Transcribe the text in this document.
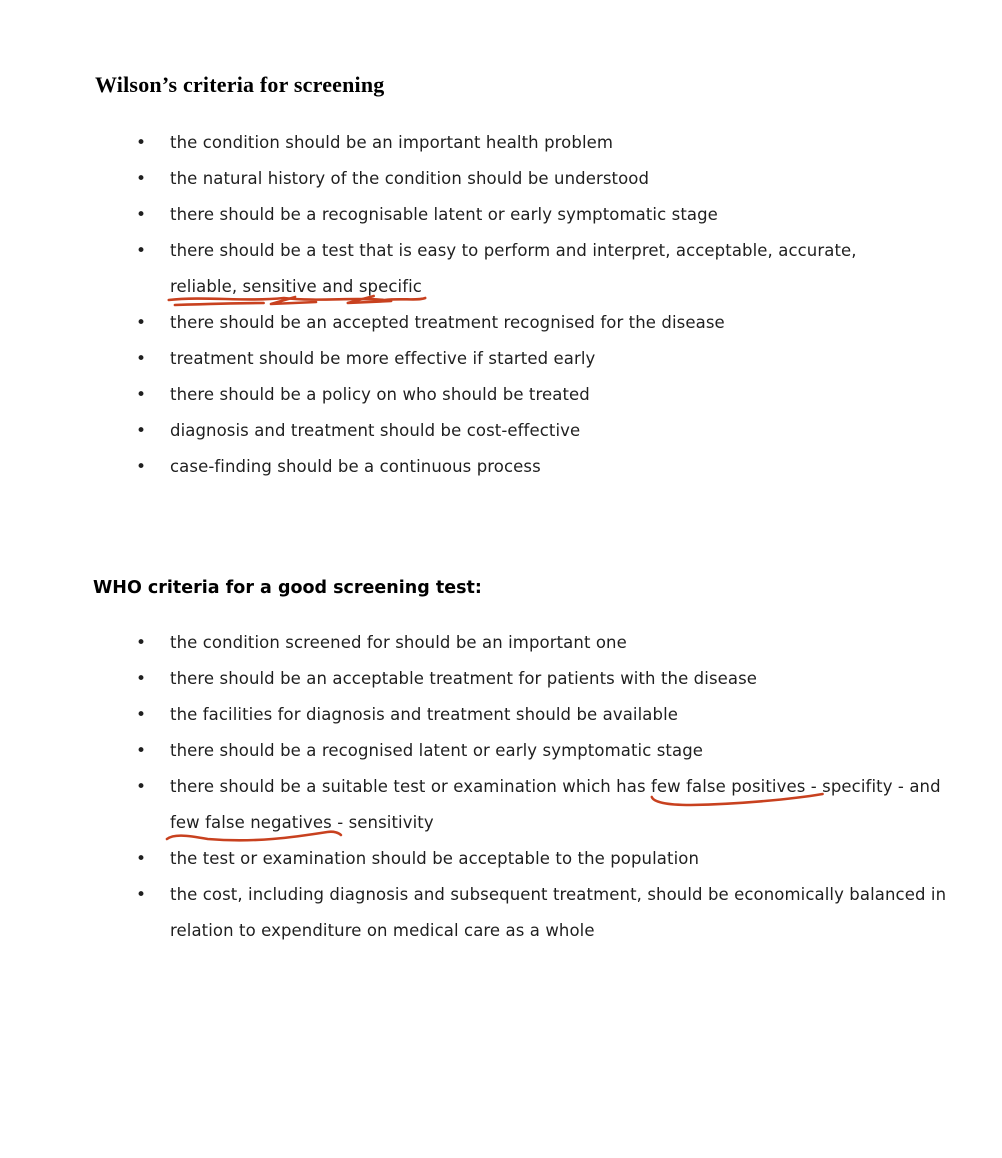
Wilson’s criteria for screening
• the condition should be an important health problem
• the natural history of the condition should be understood
• there should be a recognisable latent or early symptomatic stage
• there should be a test that is easy to perform and interpret, acceptable, accurate,
reliable, sensitive and specific
• there should be an accepted treatment recognised for the disease
• treatment should be more effective if started early
• there should be a policy on who should be treated
• diagnosis and treatment should be cost-effective
• case-finding should be a continuous process
WHO criteria for a good screening test:
• the condition screened for should be an important one
• there should be an acceptable treatment for patients with the disease
• the facilities for diagnosis and treatment should be available
• there should be a recognised latent or early symptomatic stage
• there should be a suitable test or examination which has
few false positives - specifity - and
few false negatives - sensitivity
• the test or examination should be acceptable to the population
• the cost, including diagnosis and subsequent treatment, should be economically balanced in relation to expenditure on medical care as a whole
